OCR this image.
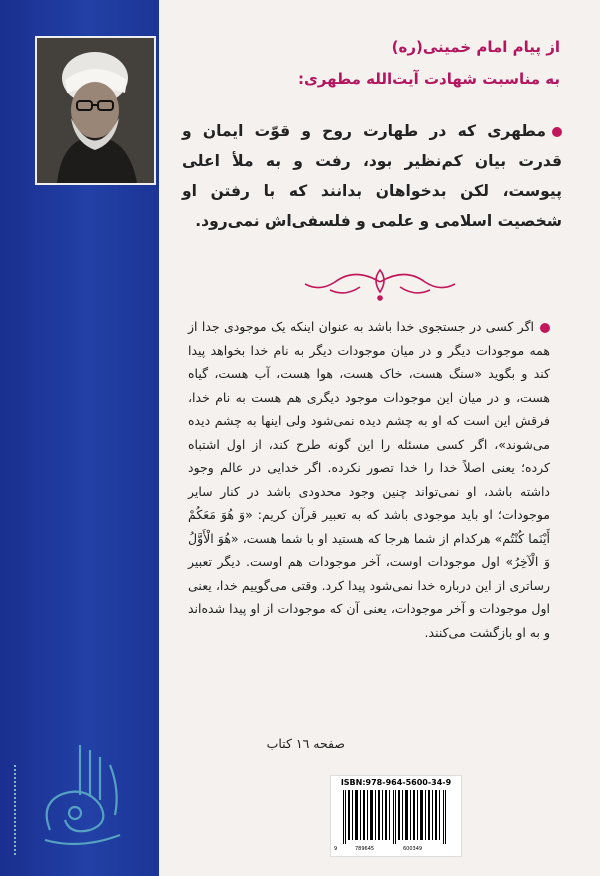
از پیام امام خمینی(ره)
به مناسبت شهادت آیت‌الله مطهری:
مطهری که در طهارت روح و قوّت ایمان و قدرت بیان کم‌نظیر بود، رفت و به ملأ اعلی پیوست، لکن بدخواهان بدانند که با رفتن او شخصیت اسلامی و علمی و فلسفی‌اش نمی‌رود.
اگر کسی در جستجوی خدا باشد به عنوان اینکه یک موجودی جدا از همه موجودات دیگر و در میان موجودات دیگر به نام خدا بخواهد پیدا کند و بگوید «سنگ هست، خاک هست، هوا هست، آب هست، گیاه هست، و در میان این موجودات موجود دیگری هم هست به نام خدا، فرقش این است که او به چشم دیده نمی‌شود ولی اینها به چشم دیده می‌شوند»، اگر کسی مسئله را این گونه طرح کند، از اول اشتباه کرده؛ یعنی اصلاً خدا را خدا تصور نکرده. اگر خدایی در عالم وجود داشته باشد، او نمی‌تواند چنین وجود محدودی باشد در کنار سایر موجودات؛ او باید موجودی باشد که به تعبیر قرآن کریم: «وَ هُوَ مَعَکُمْ أَیْنَما کُنْتُم» هرکدام از شما هرجا که هستید او با شما هست، «هُوَ الْأَوَّلُ وَ الْآخِرُ» اول موجودات اوست، آخر موجودات هم اوست. دیگر تعبیر رساتری از این درباره خدا نمی‌شود پیدا کرد. وقتی می‌گوییم خدا، یعنی اول موجودات و آخر موجودات، یعنی آن که موجودات از او پیدا شده‌اند و به او بازگشت می‌کنند.
صفحه ١٦ کتاب
ISBN:978-964-5600-34-9
9	789645	600349
